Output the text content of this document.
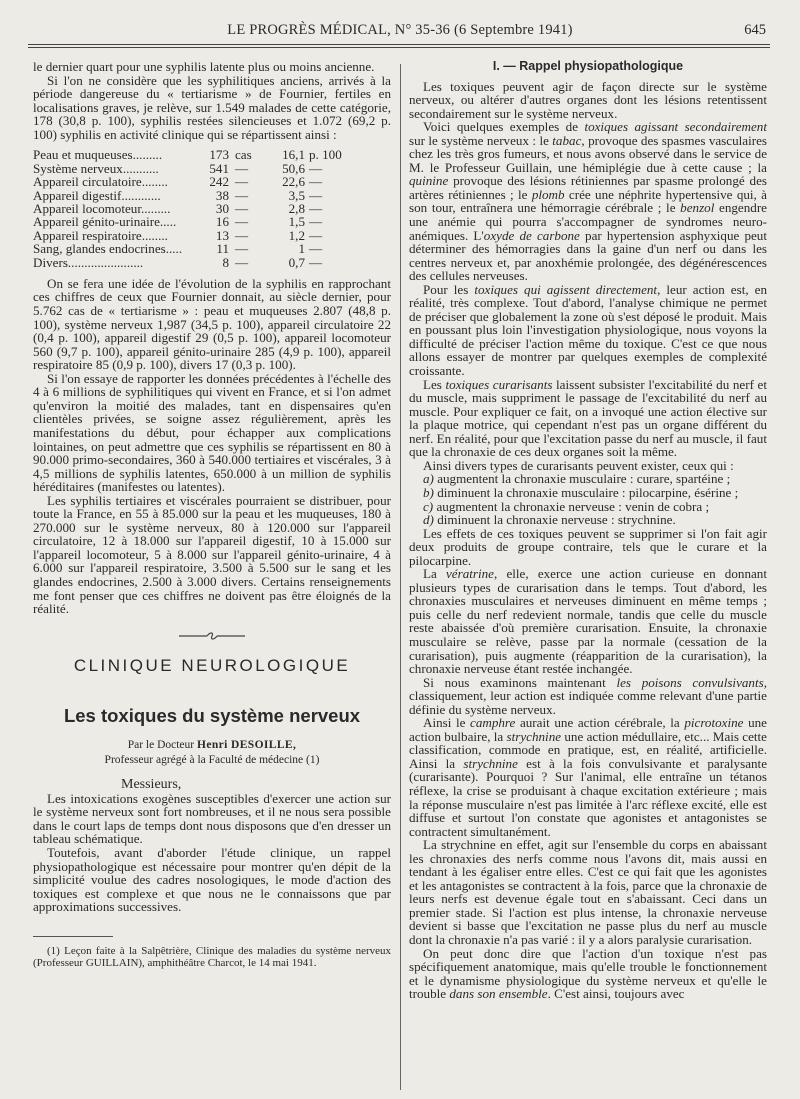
LE PROGRÈS MÉDICAL, N° 35-36 (6 Septembre 1941)	645

le dernier quart pour une syphilis latente plus ou moins ancienne.

Si l'on ne considère que les syphilitiques anciens, arrivés à la période dangereuse du « tertiarisme » de Fournier, fertiles en localisations graves, je relève, sur 1.549 malades de cette catégorie, 178 (30,8 p. 100), syphilis restées silencieuses et 1.072 (69,2 p. 100) syphilis en activité clinique qui se répartissent ainsi :

Peau et muqueuses.........	173	cas	16,1	p. 100
Système nerveux...........	541	—	50,6	—
Appareil circulatoire........	242	—	22,6	—
Appareil digestif............	38	—	3,5	—
Appareil locomoteur.........	30	—	2,8	—
Appareil génito-urinaire.....	16	—	1,5	—
Appareil respiratoire........	13	—	1,2	—
Sang, glandes endocrines.....	11	—	1	—
Divers.......................	8	—	0,7	—

On se fera une idée de l'évolution de la syphilis en rapprochant ces chiffres de ceux que Fournier donnait, au siècle dernier, pour 5.762 cas de « tertiarisme » : peau et muqueuses 2.807 (48,8 p. 100), système nerveux 1,987 (34,5 p. 100), appareil circulatoire 22 (0,4 p. 100), appareil digestif 29 (0,5 p. 100), appareil locomoteur 560 (9,7 p. 100), appareil génito-urinaire 285 (4,9 p. 100), appareil respiratoire 85 (0,9 p. 100), divers 17 (0,3 p. 100).

Si l'on essaye de rapporter les données précédentes à l'échelle des 4 à 6 millions de syphilitiques qui vivent en France, et si l'on admet qu'environ la moitié des malades, tant en dispensaires qu'en clientèles privées, se soigne assez régulièrement, après les manifestations du début, pour échapper aux complications lointaines, on peut admettre que ces syphilis se répartissent en 80 à 90.000 primo-secondaires, 360 à 540.000 tertiaires et viscérales, 3 à 4,5 millions de syphilis latentes, 650.000 à un million de syphilis héréditaires (manifestes ou latentes).

Les syphilis tertiaires et viscérales pourraient se distribuer, pour toute la France, en 55 à 85.000 sur la peau et les muqueuses, 180 à 270.000 sur le système nerveux, 80 à 120.000 sur l'appareil circulatoire, 12 à 18.000 sur l'appareil digestif, 10 à 15.000 sur l'appareil locomoteur, 5 à 8.000 sur l'appareil génito-urinaire, 4 à 6.000 sur l'appareil respiratoire, 3.500 à 5.500 sur le sang et les glandes endocrines, 2.500 à 3.000 divers. Certains renseignements me font penser que ces chiffres ne doivent pas être éloignés de la réalité.

CLINIQUE NEUROLOGIQUE
Les toxiques du système nerveux
Par le Docteur Henri DESOILLE,
Professeur agrégé à la Faculté de médecine (1)

Messieurs,

Les intoxications exogènes susceptibles d'exercer une action sur le système nerveux sont fort nombreuses, et il ne nous sera possible dans le court laps de temps dont nous disposons que d'en dresser un tableau schématique.

Toutefois, avant d'aborder l'étude clinique, un rappel physiopathologique est nécessaire pour montrer qu'en dépit de la simplicité voulue des cadres nosologiques, le mode d'action des toxiques est complexe et que nous ne le connaissons que par approximations successives.

(1) Leçon faite à la Salpêtrière, Clinique des maladies du système nerveux (Professeur GUILLAIN), amphithéâtre Charcot, le 14 mai 1941.

I. — Rappel physiopathologique

Les toxiques peuvent agir de façon directe sur le système nerveux, ou altérer d'autres organes dont les lésions retentissent secondairement sur le système nerveux.

Voici quelques exemples de toxiques agissant secondairement sur le système nerveux : le tabac, provoque des spasmes vasculaires chez les très gros fumeurs, et nous avons observé dans le service de M. le Professeur Guillain, une hémiplégie due à cette cause ; la quinine provoque des lésions rétiniennes par spasme prolongé des artères rétiniennes ; le plomb crée une néphrite hypertensive qui, à son tour, entraînera une hémorragie cérébrale ; le benzol engendre une anémie qui pourra s'accompagner de syndromes neuro-anémiques. L'oxyde de carbone par hypertension asphyxique peut déterminer des hémorragies dans la gaine d'un nerf ou dans les centres nerveux et, par anoxhémie prolongée, des dégénérescences des cellules nerveuses.

Pour les toxiques qui agissent directement, leur action est, en réalité, très complexe. Tout d'abord, l'analyse chimique ne permet de préciser que globalement la zone où s'est déposé le produit. Mais en poussant plus loin l'investigation physiologique, nous voyons la difficulté de préciser l'action même du toxique. C'est ce que nous allons essayer de montrer par quelques exemples de complexité croissante.

Les toxiques curarisants laissent subsister l'excitabilité du nerf et du muscle, mais suppriment le passage de l'excitabilité du nerf au muscle. Pour expliquer ce fait, on a invoqué une action élective sur la plaque motrice, qui cependant n'est pas un organe différent du nerf. En réalité, pour que l'excitation passe du nerf au muscle, il faut que la chronaxie de ces deux organes soit la même.

Ainsi divers types de curarisants peuvent exister, ceux qui :

a) augmentent la chronaxie musculaire : curare, spartéine ;

b) diminuent la chronaxie musculaire : pilocarpine, ésérine ;

c) augmentent la chronaxie nerveuse : venin de cobra ;

d) diminuent la chronaxie nerveuse : strychnine.

Les effets de ces toxiques peuvent se supprimer si l'on fait agir deux produits de groupe contraire, tels que le curare et la pilocarpine.

La vératrine, elle, exerce une action curieuse en donnant plusieurs types de curarisation dans le temps. Tout d'abord, les chronaxies musculaires et nerveuses diminuent en même temps ; puis celle du nerf redevient normale, tandis que celle du muscle reste abaissée d'où première curarisation. Ensuite, la chronaxie musculaire se relève, passe par la normale (cessation de la curarisation), puis augmente (réapparition de la curarisation), la chronaxie nerveuse étant restée inchangée.

Si nous examinons maintenant les poisons convulsivants, classiquement, leur action est indiquée comme relevant d'une partie définie du système nerveux.

Ainsi le camphre aurait une action cérébrale, la picrotoxine une action bulbaire, la strychnine une action médullaire, etc... Mais cette classification, commode en pratique, est, en réalité, artificielle. Ainsi la strychnine est à la fois convulsivante et paralysante (curarisante). Pourquoi ? Sur l'animal, elle entraîne un tétanos réflexe, la crise se produisant à chaque excitation extérieure ; mais la réponse musculaire n'est pas limitée à l'arc réflexe excité, elle est diffuse et surtout l'on constate que agonistes et antagonistes se contractent simultanément.

La strychnine en effet, agit sur l'ensemble du corps en abaissant les chronaxies des nerfs comme nous l'avons dit, mais aussi en tendant à les égaliser entre elles. C'est ce qui fait que les agonistes et les antagonistes se contractent à la fois, parce que la chronaxie de leurs nerfs est devenue égale tout en s'abaissant. Ceci dans un premier stade. Si l'action est plus intense, la chronaxie nerveuse devient si basse que l'excitation ne passe plus du nerf au muscle dont la chronaxie n'a pas varié : il y a alors paralysie curarisation.

On peut donc dire que l'action d'un toxique n'est pas spécifiquement anatomique, mais qu'elle trouble le fonctionnement et le dynamisme physiologique du système nerveux et qu'elle le trouble dans son ensemble. C'est ainsi, toujours avec
